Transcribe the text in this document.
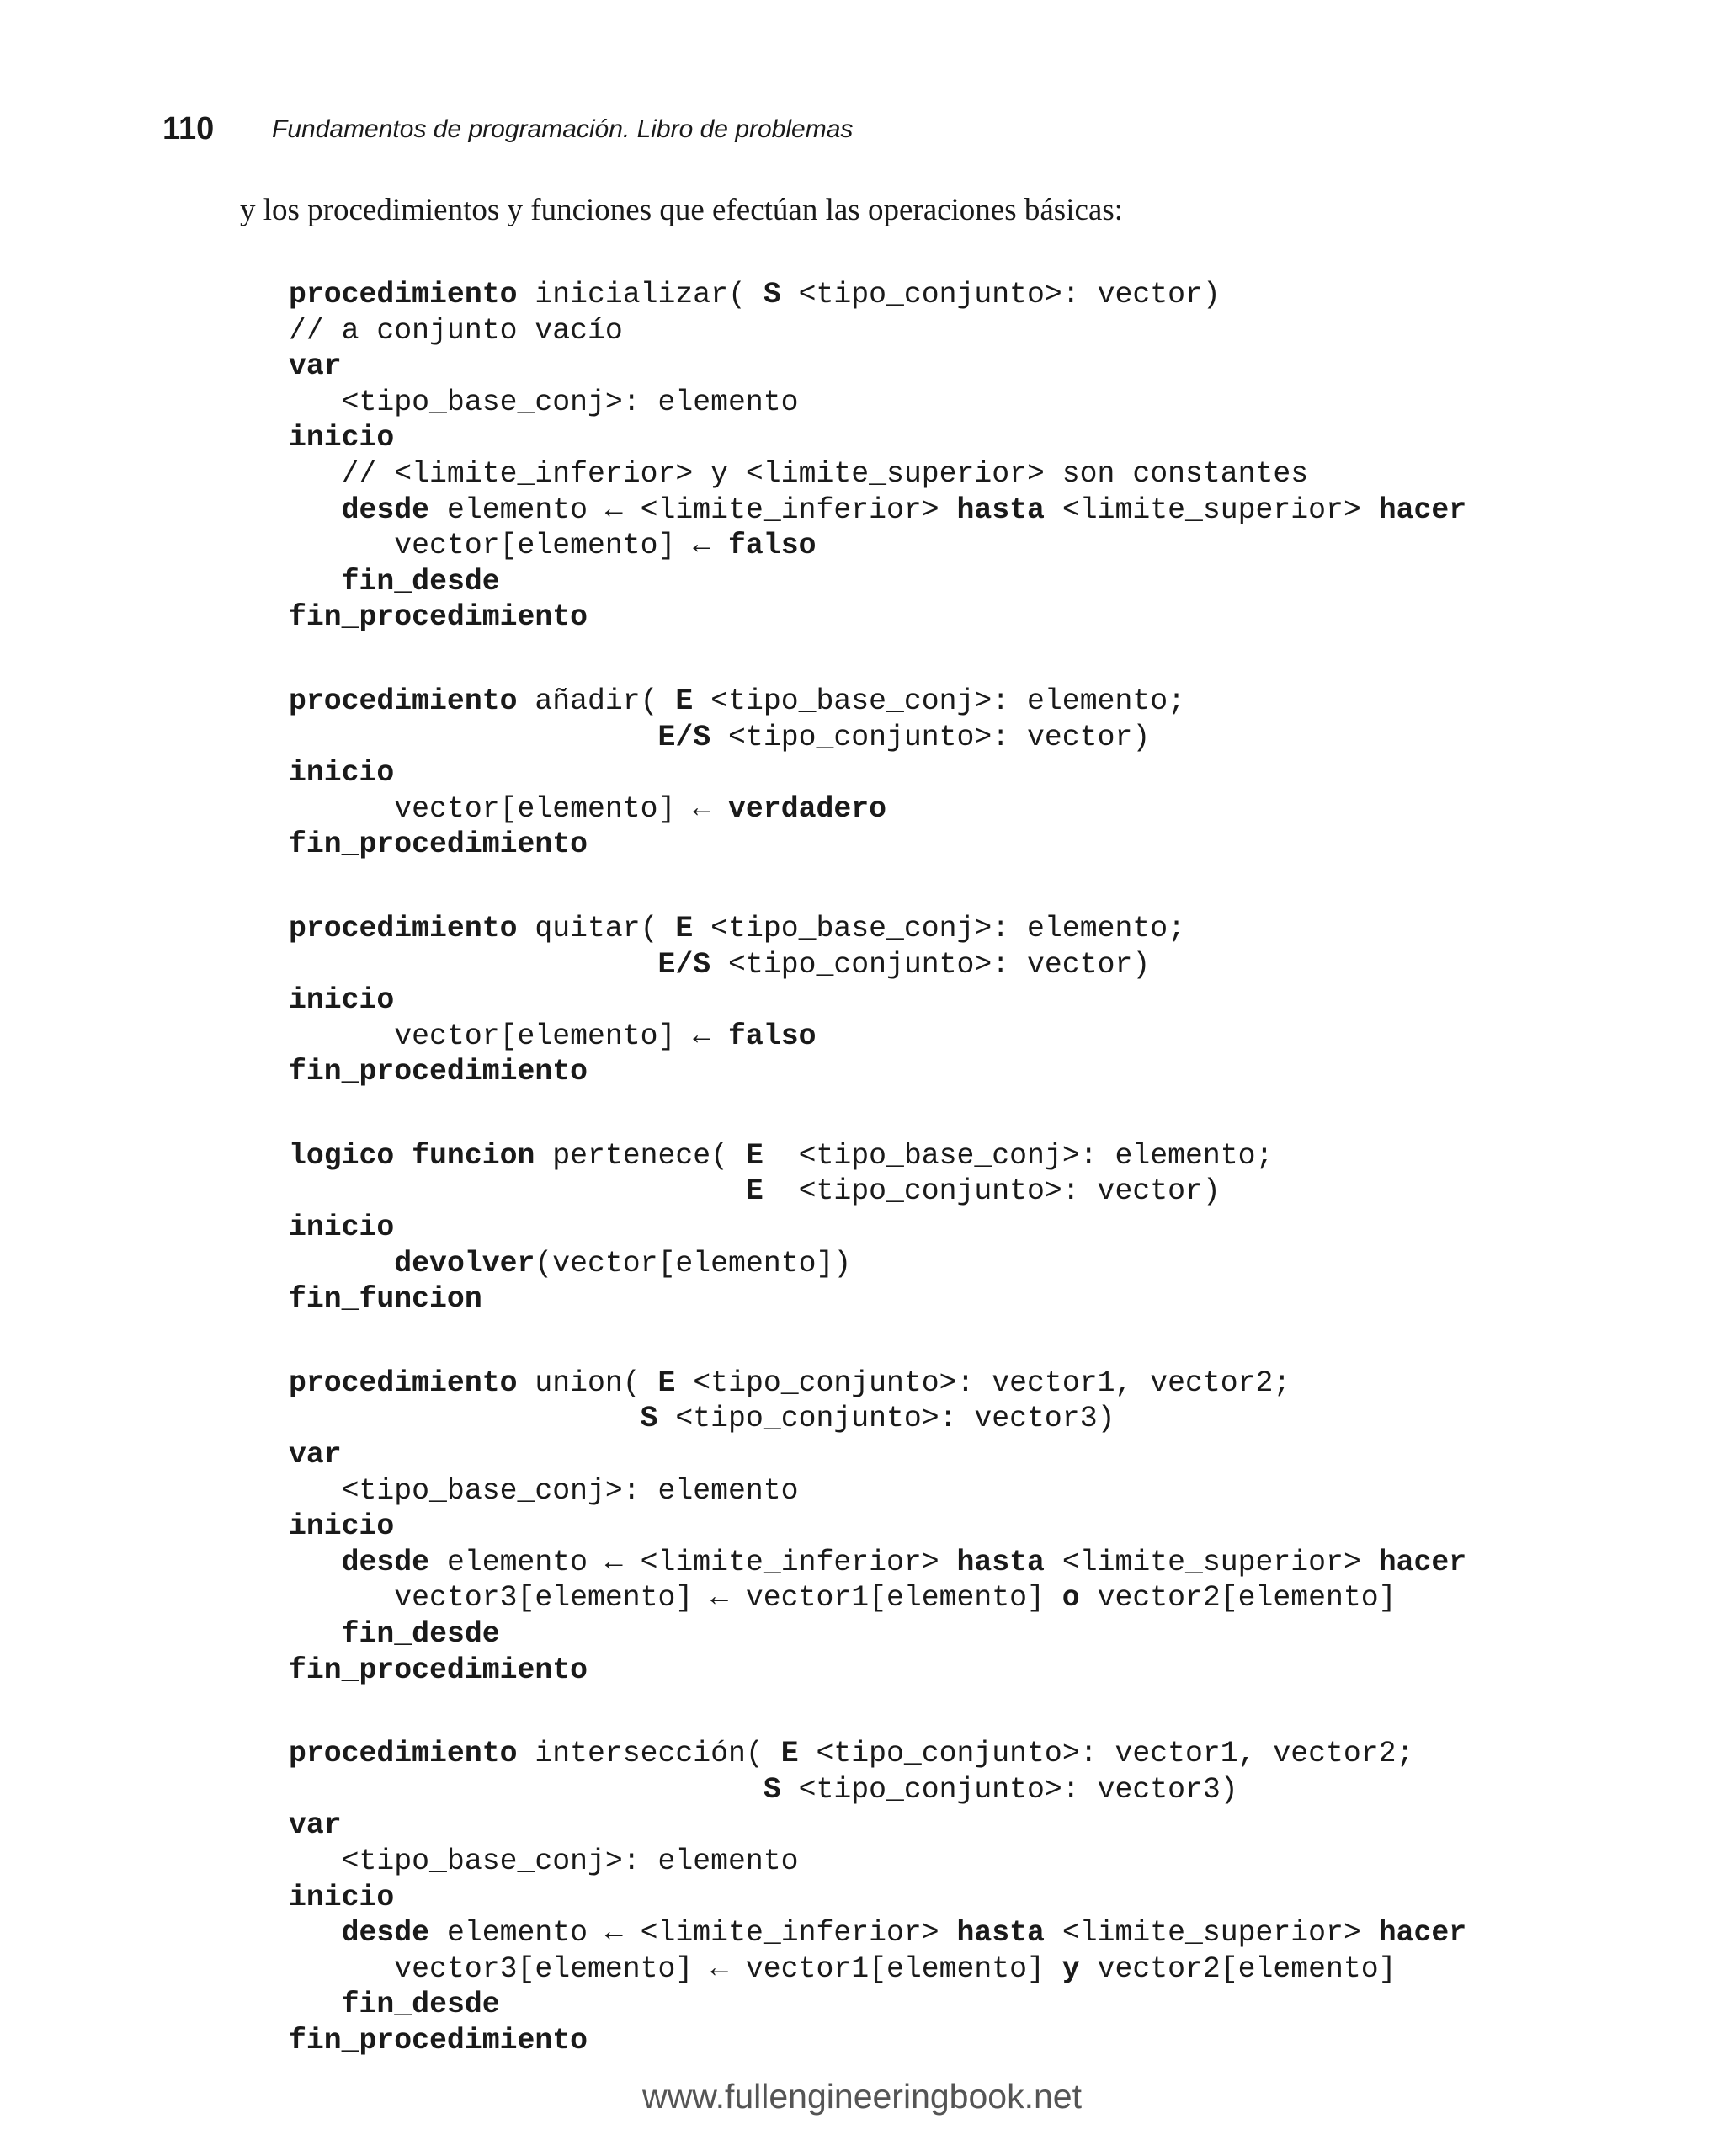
110 Fundamentos de programación. Libro de problemas
y los procedimientos y funciones que efectúan las operaciones básicas:
procedimiento inicializar( S <tipo_conjunto>: vector)
// a conjunto vacío
var
<tipo_base_conj>: elemento
inicio
// <limite_inferior> y <limite_superior> son constantes
desde elemento ← <limite_inferior> hasta <limite_superior> hacer
vector[elemento] ← falso
fin_desde
fin_procedimiento
procedimiento añadir( E <tipo_base_conj>: elemento;
E/S <tipo_conjunto>: vector)
inicio
vector[elemento] ← verdadero
fin_procedimiento
procedimiento quitar( E <tipo_base_conj>: elemento;
E/S <tipo_conjunto>: vector)
inicio
vector[elemento] ← falso
fin_procedimiento
logico funcion pertenece( E  <tipo_base_conj>: elemento;
E  <tipo_conjunto>: vector)
inicio
devolver(vector[elemento])
fin_funcion
procedimiento union( E <tipo_conjunto>: vector1, vector2;
S <tipo_conjunto>: vector3)
var
<tipo_base_conj>: elemento
inicio
desde elemento ← <limite_inferior> hasta <limite_superior> hacer
vector3[elemento] ← vector1[elemento] o vector2[elemento]
fin_desde
fin_procedimiento
procedimiento intersección( E <tipo_conjunto>: vector1, vector2;
S <tipo_conjunto>: vector3)
var
<tipo_base_conj>: elemento
inicio
desde elemento ← <limite_inferior> hasta <limite_superior> hacer
vector3[elemento] ← vector1[elemento] y vector2[elemento]
fin_desde
fin_procedimiento
www.fullengineeringbook.net
